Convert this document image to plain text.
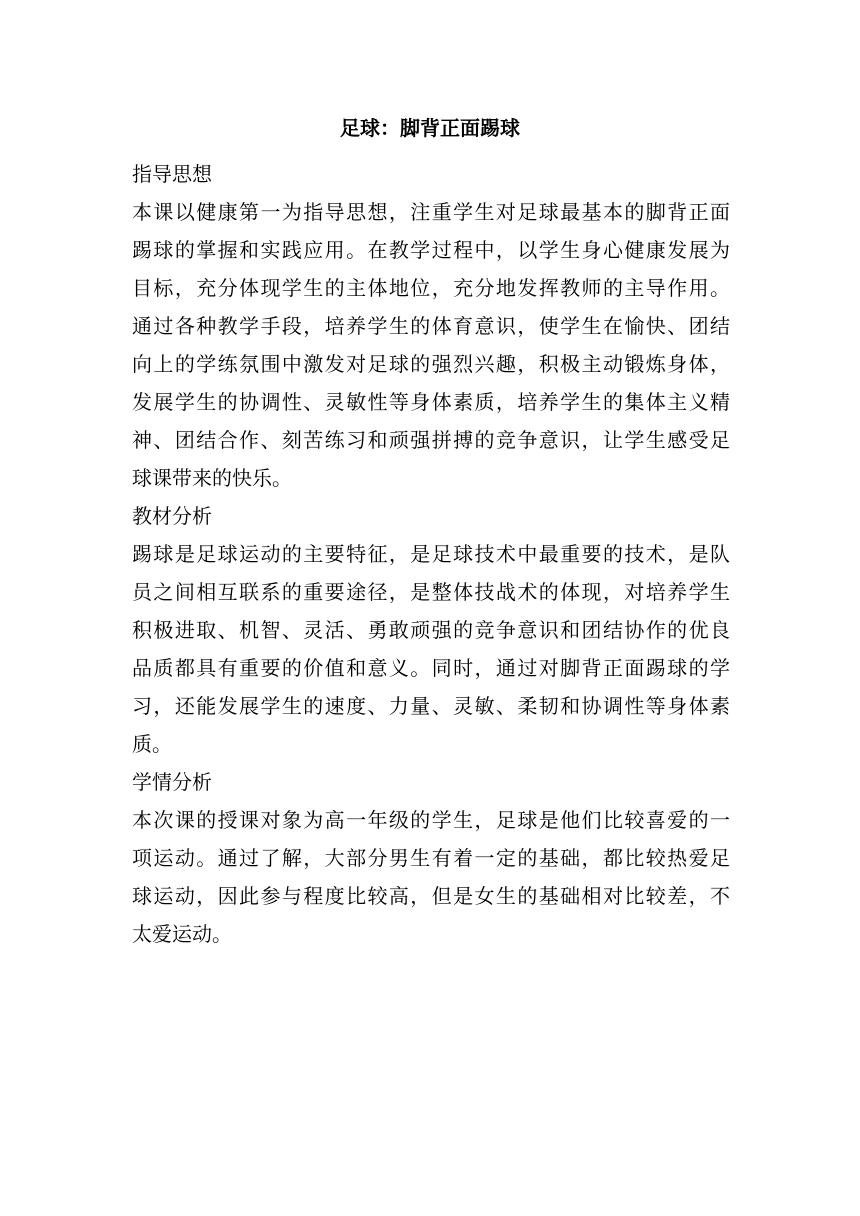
足球：脚背正面踢球
指导思想

本课以健康第一为指导思想，注重学生对足球最基本的脚背正面
踢球的掌握和实践应用。在教学过程中，以学生身心健康发展为
目标，充分体现学生的主体地位，充分地发挥教师的主导作用。
通过各种教学手段，培养学生的体育意识，使学生在愉快、团结
向上的学练氛围中激发对足球的强烈兴趣，积极主动锻炼身体，
发展学生的协调性、灵敏性等身体素质，培养学生的集体主义精
神、团结合作、刻苦练习和顽强拼搏的竞争意识，让学生感受足
球课带来的快乐。

教材分析

踢球是足球运动的主要特征，是足球技术中最重要的技术，是队
员之间相互联系的重要途径，是整体技战术的体现，对培养学生
积极进取、机智、灵活、勇敢顽强的竞争意识和团结协作的优良
品质都具有重要的价值和意义。同时，通过对脚背正面踢球的学
习，还能发展学生的速度、力量、灵敏、柔韧和协调性等身体素
质。

学情分析

本次课的授课对象为高一年级的学生，足球是他们比较喜爱的一
项运动。通过了解，大部分男生有着一定的基础，都比较热爱足
球运动，因此参与程度比较高，但是女生的基础相对比较差，不
太爱运动。
